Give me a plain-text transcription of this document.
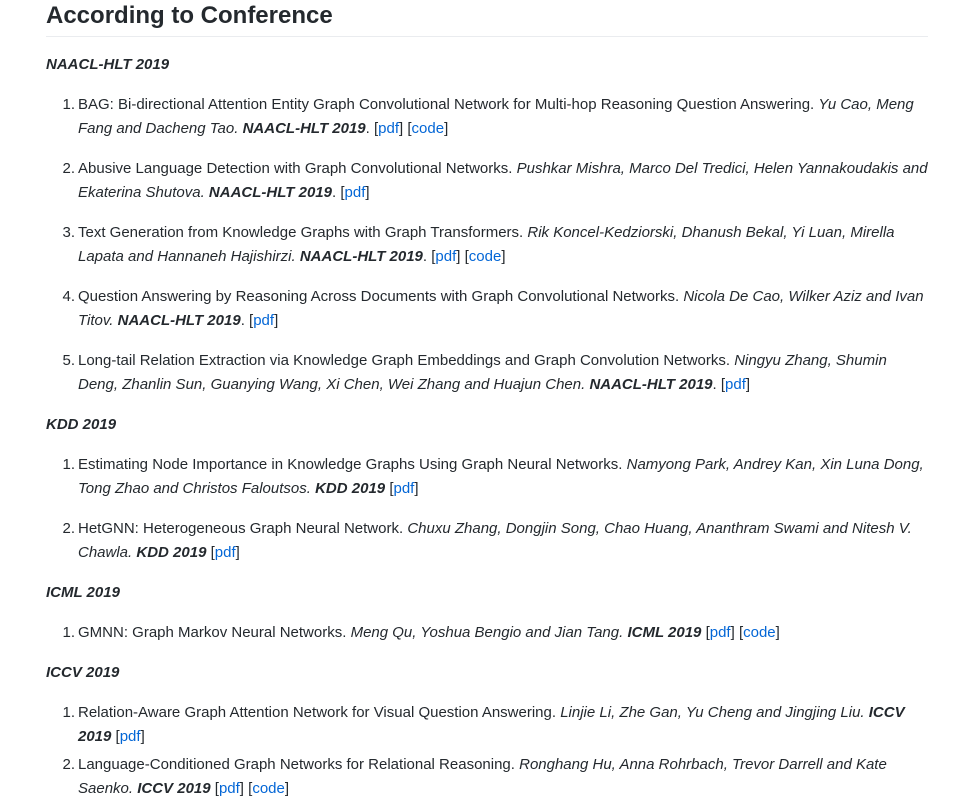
According to Conference
NAACL-HLT 2019
1. BAG: Bi-directional Attention Entity Graph Convolutional Network for Multi-hop Reasoning Question Answering. Yu Cao, Meng Fang and Dacheng Tao. NAACL-HLT 2019. [pdf] [code]
2. Abusive Language Detection with Graph Convolutional Networks. Pushkar Mishra, Marco Del Tredici, Helen Yannakoudakis and Ekaterina Shutova. NAACL-HLT 2019. [pdf]
3. Text Generation from Knowledge Graphs with Graph Transformers. Rik Koncel-Kedziorski, Dhanush Bekal, Yi Luan, Mirella Lapata and Hannaneh Hajishirzi. NAACL-HLT 2019. [pdf] [code]
4. Question Answering by Reasoning Across Documents with Graph Convolutional Networks. Nicola De Cao, Wilker Aziz and Ivan Titov. NAACL-HLT 2019. [pdf]
5. Long-tail Relation Extraction via Knowledge Graph Embeddings and Graph Convolution Networks. Ningyu Zhang, Shumin Deng, Zhanlin Sun, Guanying Wang, Xi Chen, Wei Zhang and Huajun Chen. NAACL-HLT 2019. [pdf]
KDD 2019
1. Estimating Node Importance in Knowledge Graphs Using Graph Neural Networks. Namyong Park, Andrey Kan, Xin Luna Dong, Tong Zhao and Christos Faloutsos. KDD 2019 [pdf]
2. HetGNN: Heterogeneous Graph Neural Network. Chuxu Zhang, Dongjin Song, Chao Huang, Ananthram Swami and Nitesh V. Chawla. KDD 2019 [pdf]
ICML 2019
1. GMNN: Graph Markov Neural Networks. Meng Qu, Yoshua Bengio and Jian Tang. ICML 2019 [pdf] [code]
ICCV 2019
1. Relation-Aware Graph Attention Network for Visual Question Answering. Linjie Li, Zhe Gan, Yu Cheng and Jingjing Liu. ICCV 2019 [pdf]
2. Language-Conditioned Graph Networks for Relational Reasoning. Ronghang Hu, Anna Rohrbach, Trevor Darrell and Kate Saenko. ICCV 2019 [pdf] [code]
